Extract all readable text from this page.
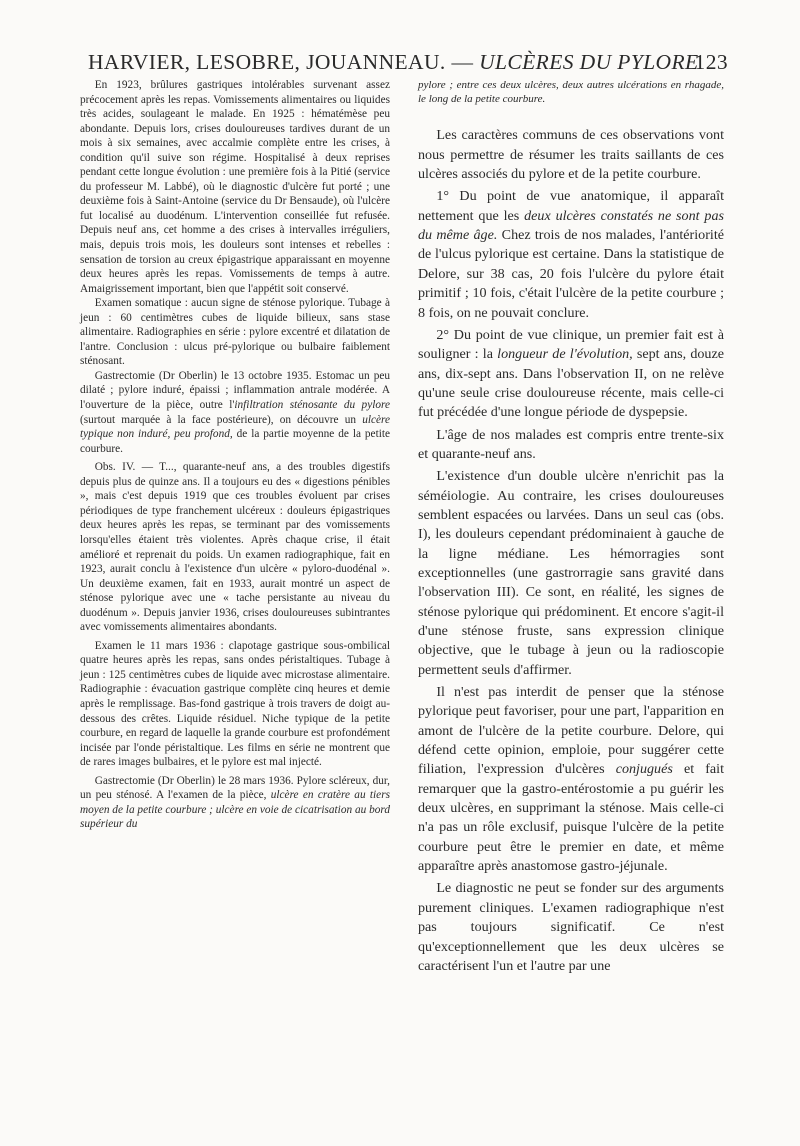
HARVIER, LESOBRE, JOUANNEAU. — ULCÈRES DU PYLORE
123

En 1923, brûlures gastriques intolérables survenant assez précocement après les repas. Vomissements alimentaires ou liquides très acides, soulageant le malade. En 1925 : hématémèse peu abondante. Depuis lors, crises douloureuses tardives durant de un mois à six semaines, avec accalmie complète entre les crises, à condition qu'il suive son régime. Hospitalisé à deux reprises pendant cette longue évolution : une première fois à la Pitié (service du professeur M. Labbé), où le diagnostic d'ulcère fut porté ; une deuxième fois à Saint-Antoine (service du Dr Bensaude), où l'ulcère fut localisé au duodénum. L'intervention conseillée fut refusée. Depuis neuf ans, cet homme a des crises à intervalles irréguliers, mais, depuis trois mois, les douleurs sont intenses et rebelles : sensation de torsion au creux épigastrique apparaissant en moyenne deux heures après les repas. Vomissements de temps à autre. Amaigrissement important, bien que l'appétit soit conservé.

Examen somatique : aucun signe de sténose pylorique. Tubage à jeun : 60 centimètres cubes de liquide bilieux, sans stase alimentaire. Radiographies en série : pylore excentré et dilatation de l'antre. Conclusion : ulcus pré-pylorique ou bulbaire faiblement sténosant.

Gastrectomie (Dr Oberlin) le 13 octobre 1935. Estomac un peu dilaté ; pylore induré, épaissi ; inflammation antrale modérée. A l'ouverture de la pièce, outre l'infiltration sténosante du pylore (surtout marquée à la face postérieure), on découvre un ulcère typique non induré, peu profond, de la partie moyenne de la petite courbure.

Obs. IV. — T..., quarante-neuf ans, a des troubles digestifs depuis plus de quinze ans. Il a toujours eu des « digestions pénibles », mais c'est depuis 1919 que ces troubles évoluent par crises périodiques de type franchement ulcéreux : douleurs épigastriques deux heures après les repas, se terminant par des vomissements lorsqu'elles étaient très violentes. Après chaque crise, il était amélioré et reprenait du poids. Un examen radiographique, fait en 1923, aurait conclu à l'existence d'un ulcère « pyloro-duodénal ». Un deuxième examen, fait en 1933, aurait montré un aspect de sténose pylorique avec une « tache persistante au niveau du duodénum ». Depuis janvier 1936, crises douloureuses subintrantes avec vomissements alimentaires abondants.

Examen le 11 mars 1936 : clapotage gastrique sous-ombilical quatre heures après les repas, sans ondes péristaltiques. Tubage à jeun : 125 centimètres cubes de liquide avec microstase alimentaire. Radiographie : évacuation gastrique complète cinq heures et demie après le remplissage. Bas-fond gastrique à trois travers de doigt au-dessous des crêtes. Liquide résiduel. Niche typique de la petite courbure, en regard de laquelle la grande courbure est profondément incisée par l'onde péristaltique. Les films en série ne montrent que de rares images bulbaires, et le pylore est mal injecté.

Gastrectomie (Dr Oberlin) le 28 mars 1936. Pylore scléreux, dur, un peu sténosé. A l'examen de la pièce, ulcère en cratère au tiers moyen de la petite courbure ; ulcère en voie de cicatrisation au bord supérieur du

pylore ; entre ces deux ulcères, deux autres ulcérations en rhagade, le long de la petite courbure.

Les caractères communs de ces observations vont nous permettre de résumer les traits saillants de ces ulcères associés du pylore et de la petite courbure.

1° Du point de vue anatomique, il apparaît nettement que les deux ulcères constatés ne sont pas du même âge. Chez trois de nos malades, l'antériorité de l'ulcus pylorique est certaine. Dans la statistique de Delore, sur 38 cas, 20 fois l'ulcère du pylore était primitif ; 10 fois, c'était l'ulcère de la petite courbure ; 8 fois, on ne pouvait conclure.

2° Du point de vue clinique, un premier fait est à souligner : la longueur de l'évolution, sept ans, douze ans, dix-sept ans. Dans l'observation II, on ne relève qu'une seule crise douloureuse récente, mais celle-ci fut précédée d'une longue période de dyspepsie.

L'âge de nos malades est compris entre trente-six et quarante-neuf ans.

L'existence d'un double ulcère n'enrichit pas la séméiologie. Au contraire, les crises douloureuses semblent espacées ou larvées. Dans un seul cas (obs. I), les douleurs cependant prédominaient à gauche de la ligne médiane. Les hémorragies sont exceptionnelles (une gastrorragie sans gravité dans l'observation III). Ce sont, en réalité, les signes de sténose pylorique qui prédominent. Et encore s'agit-il d'une sténose fruste, sans expression clinique objective, que le tubage à jeun ou la radioscopie permettent seuls d'affirmer.

Il n'est pas interdit de penser que la sténose pylorique peut favoriser, pour une part, l'apparition en amont de l'ulcère de la petite courbure. Delore, qui défend cette opinion, emploie, pour suggérer cette filiation, l'expression d'ulcères conjugués et fait remarquer que la gastro-entérostomie a pu guérir les deux ulcères, en supprimant la sténose. Mais celle-ci n'a pas un rôle exclusif, puisque l'ulcère de la petite courbure peut être le premier en date, et même apparaître après anastomose gastro-jéjunale.

Le diagnostic ne peut se fonder sur des arguments purement cliniques. L'examen radiographique n'est pas toujours significatif. Ce n'est qu'exceptionnellement que les deux ulcères se caractérisent l'un et l'autre par une
